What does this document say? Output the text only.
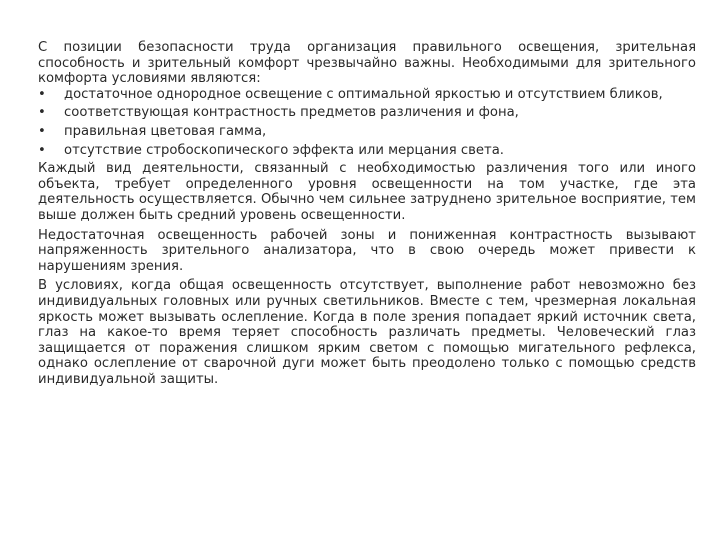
С позиции безопасности труда организация правильного освещения, зрительная способность и зрительный комфорт чрезвычайно важны. Необходимыми для зрительного комфорта условиями являются:

• достаточное однородное освещение с оптимальной яркостью и отсутствием бликов,
• соответствующая контрастность предметов различения и фона,
• правильная цветовая гамма,
• отсутствие стробоскопического эффекта или мерцания света.

Каждый вид деятельности, связанный с необходимостью различения того или иного объекта, требует определенного уровня освещенности на том участке, где эта деятельность осуществляется. Обычно чем сильнее затруднено зрительное восприятие, тем выше должен быть средний уровень освещенности.

Недостаточная освещенность рабочей зоны и пониженная контрастность вызывают напряженность зрительного анализатора, что в свою очередь может привести к нарушениям зрения.

В условиях, когда общая освещенность отсутствует, выполнение работ невозможно без индивидуальных головных или ручных светильников. Вместе с тем, чрезмерная локальная яркость может вызывать ослепление. Когда в поле зрения попадает яркий источник света, глаз на какое-то время теряет способность различать предметы. Человеческий глаз защищается от поражения слишком ярким светом с помощью мигательного рефлекса, однако ослепление от сварочной дуги может быть преодолено только с помощью средств индивидуальной защиты.
